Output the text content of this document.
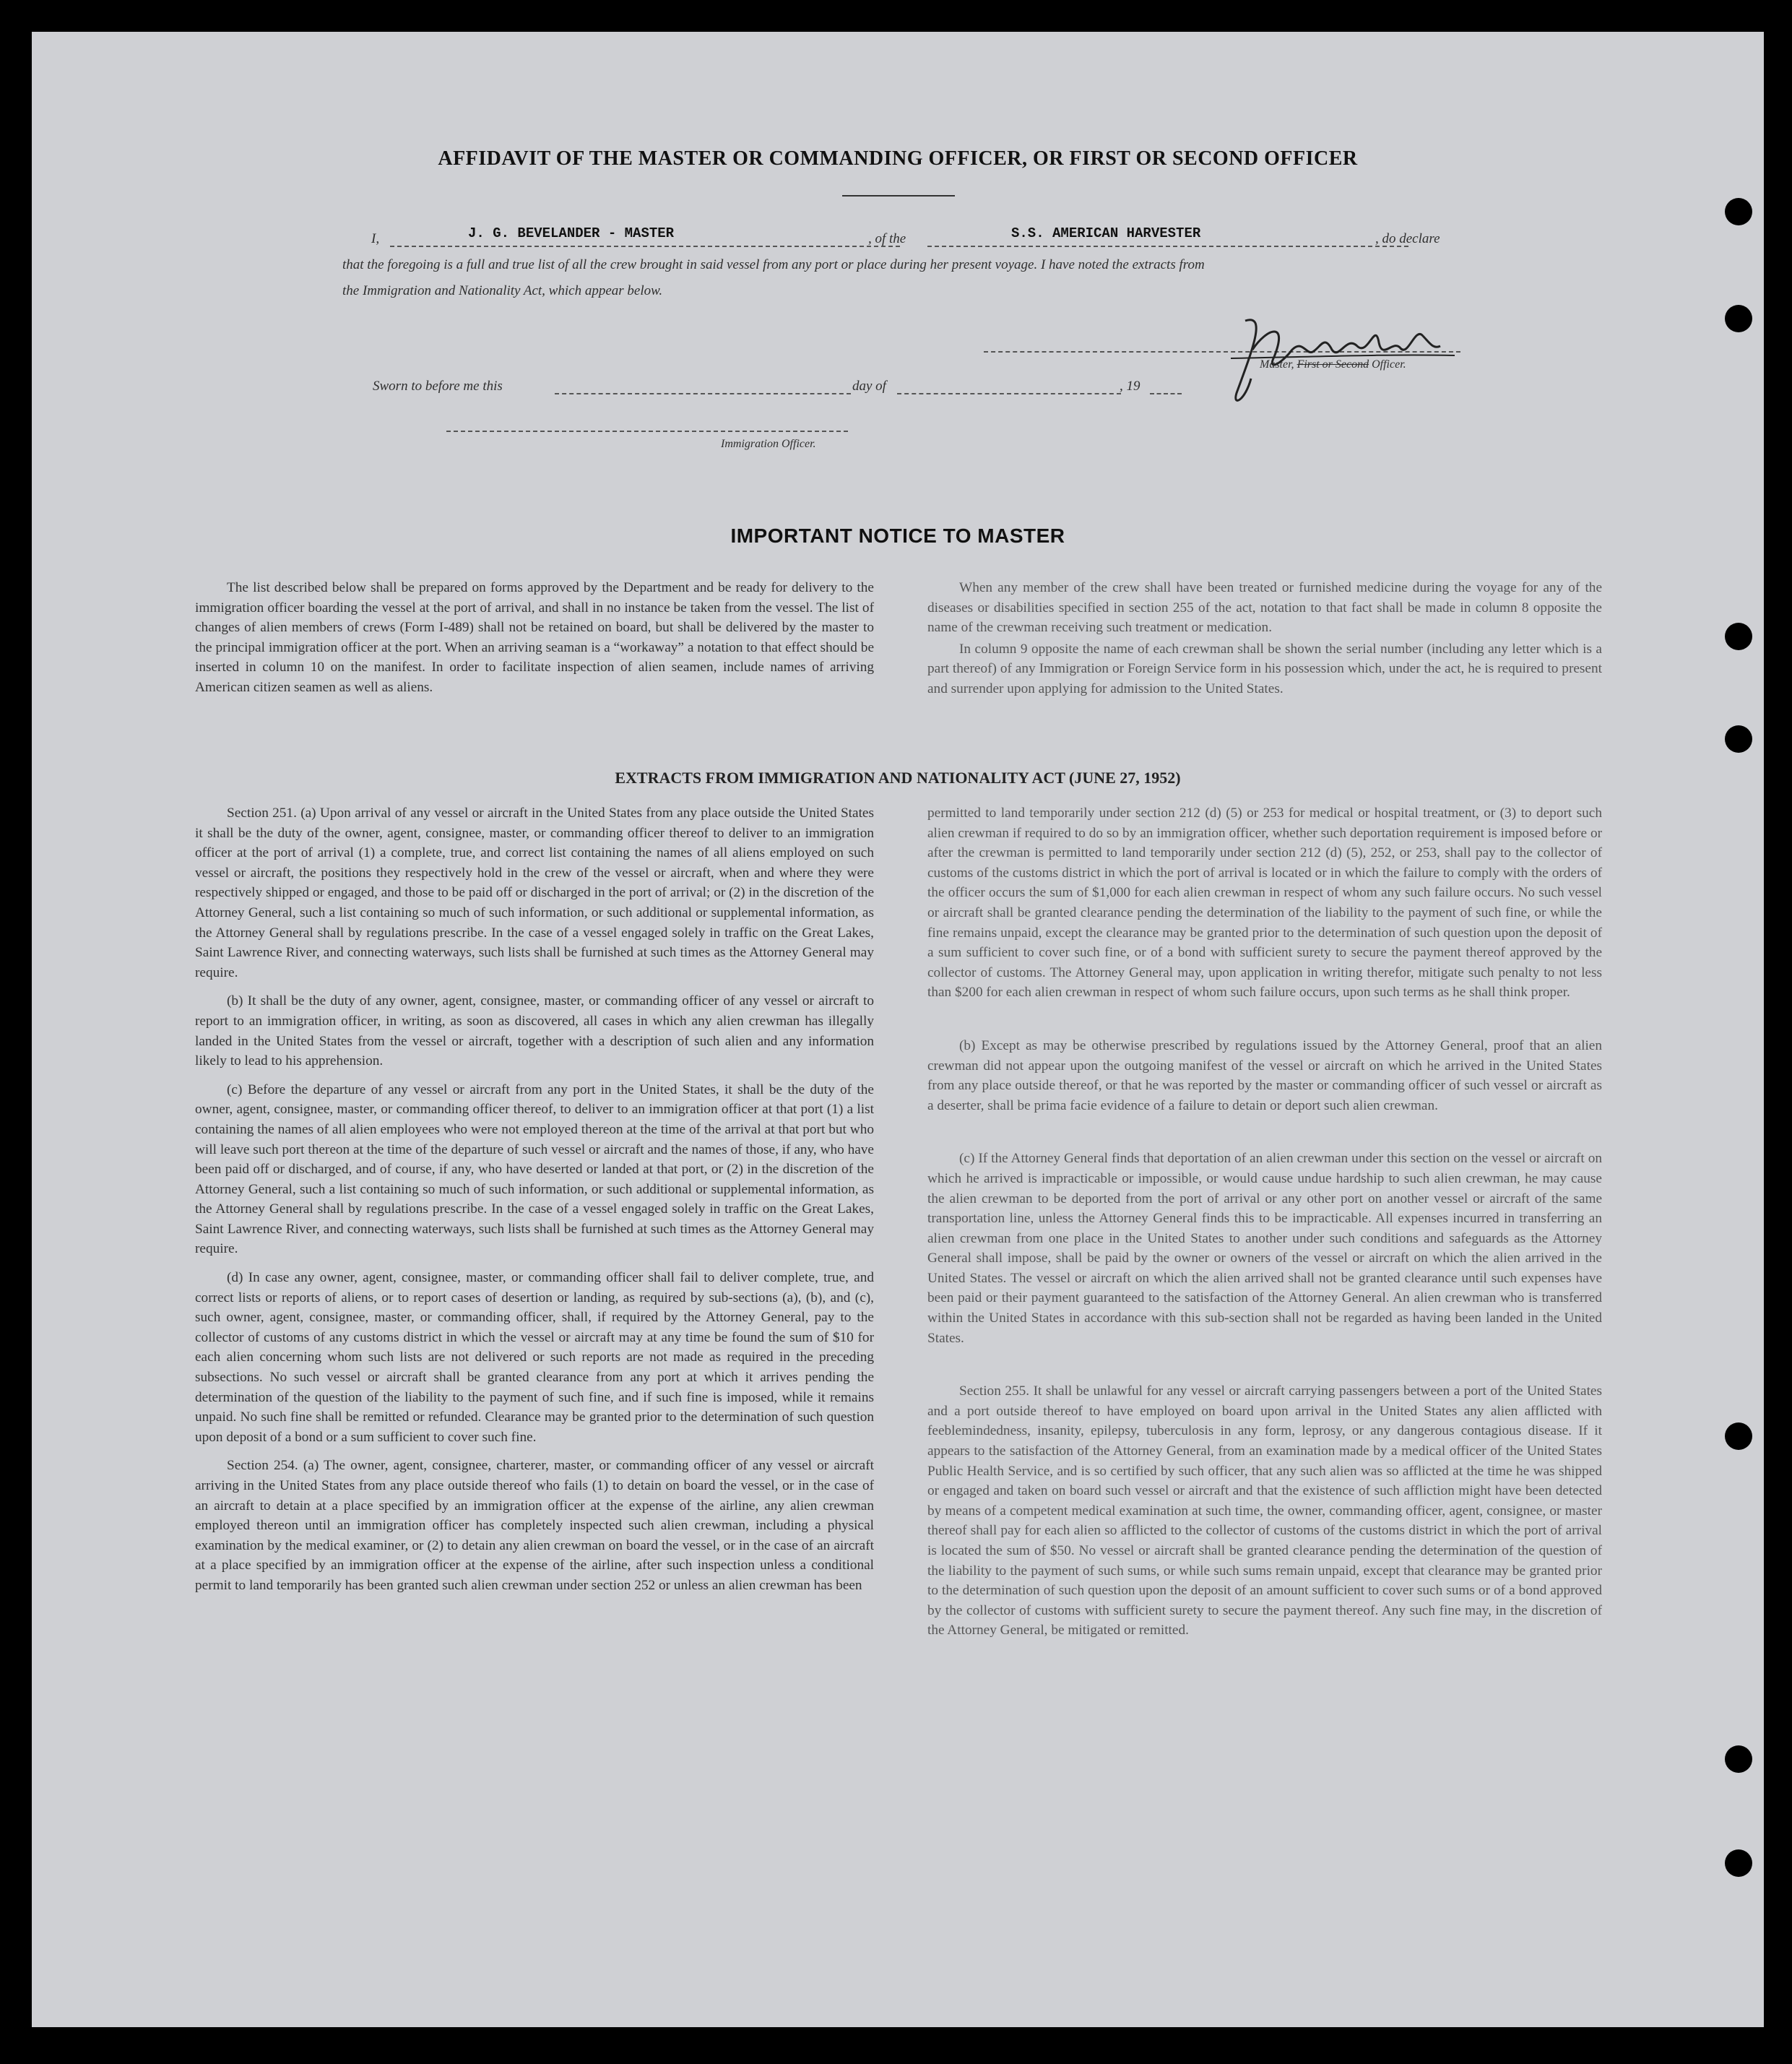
AFFIDAVIT OF THE MASTER OR COMMANDING OFFICER, OR FIRST OR SECOND OFFICER
I,	J. G. BEVELANDER - MASTER	, of the	S.S. AMERICAN HARVESTER	, do declare
that the foregoing is a full and true list of all the crew brought in said vessel from any port or place during her present voyage. I have noted the extracts from
the Immigration and Nationality Act, which appear below.
Master, First or Second Officer.
Sworn to before me this	day of	, 19
Immigration Officer.
IMPORTANT NOTICE TO MASTER

The list described below shall be prepared on forms approved by the Department and be ready for delivery to the immigration officer boarding the vessel at the port of arrival, and shall in no instance be taken from the vessel. The list of changes of alien members of crews (Form I-489) shall not be retained on board, but shall be delivered by the master to the principal immigration officer at the port. When an arriving seaman is a “workaway” a notation to that effect should be inserted in column 10 on the manifest. In order to facilitate inspection of alien seamen, include names of arriving American citizen seamen as well as aliens.

When any member of the crew shall have been treated or furnished medicine during the voyage for any of the diseases or disabilities specified in section 255 of the act, notation to that fact shall be made in column 8 opposite the name of the crewman receiving such treatment or medication.

In column 9 opposite the name of each crewman shall be shown the serial number (including any letter which is a part thereof) of any Immigration or Foreign Service form in his possession which, under the act, he is required to present and surrender upon applying for admission to the United States.

EXTRACTS FROM IMMIGRATION AND NATIONALITY ACT (JUNE 27, 1952)

Section 251. (a) Upon arrival of any vessel or aircraft in the United States from any place outside the United States it shall be the duty of the owner, agent, consignee, master, or commanding officer thereof to deliver to an immigration officer at the port of arrival (1) a complete, true, and correct list containing the names of all aliens employed on such vessel or aircraft, the positions they respectively hold in the crew of the vessel or aircraft, when and where they were respectively shipped or engaged, and those to be paid off or discharged in the port of arrival; or (2) in the discretion of the Attorney General, such a list containing so much of such information, or such additional or supplemental information, as the Attorney General shall by regulations prescribe. In the case of a vessel engaged solely in traffic on the Great Lakes, Saint Lawrence River, and connecting waterways, such lists shall be furnished at such times as the Attorney General may require.

(b) It shall be the duty of any owner, agent, consignee, master, or commanding officer of any vessel or aircraft to report to an immigration officer, in writing, as soon as discovered, all cases in which any alien crewman has illegally landed in the United States from the vessel or aircraft, together with a description of such alien and any information likely to lead to his apprehension.

(c) Before the departure of any vessel or aircraft from any port in the United States, it shall be the duty of the owner, agent, consignee, master, or commanding officer thereof, to deliver to an immigration officer at that port (1) a list containing the names of all alien employees who were not employed thereon at the time of the arrival at that port but who will leave such port thereon at the time of the departure of such vessel or aircraft and the names of those, if any, who have been paid off or discharged, and of course, if any, who have deserted or landed at that port, or (2) in the discretion of the Attorney General, such a list containing so much of such information, or such additional or supplemental information, as the Attorney General shall by regulations prescribe. In the case of a vessel engaged solely in traffic on the Great Lakes, Saint Lawrence River, and connecting waterways, such lists shall be furnished at such times as the Attorney General may require.

(d) In case any owner, agent, consignee, master, or commanding officer shall fail to deliver complete, true, and correct lists or reports of aliens, or to report cases of desertion or landing, as required by sub-sections (a), (b), and (c), such owner, agent, consignee, master, or commanding officer, shall, if required by the Attorney General, pay to the collector of customs of any customs district in which the vessel or aircraft may at any time be found the sum of $10 for each alien concerning whom such lists are not delivered or such reports are not made as required in the preceding subsections. No such vessel or aircraft shall be granted clearance from any port at which it arrives pending the determination of the question of the liability to the payment of such fine, and if such fine is imposed, while it remains unpaid. No such fine shall be remitted or refunded. Clearance may be granted prior to the determination of such question upon deposit of a bond or a sum sufficient to cover such fine.

Section 254. (a) The owner, agent, consignee, charterer, master, or commanding officer of any vessel or aircraft arriving in the United States from any place outside thereof who fails (1) to detain on board the vessel, or in the case of an aircraft to detain at a place specified by an immigration officer at the expense of the airline, any alien crewman employed thereon until an immigration officer has completely inspected such alien crewman, including a physical examination by the medical examiner, or (2) to detain any alien crewman on board the vessel, or in the case of an aircraft at a place specified by an immigration officer at the expense of the airline, after such inspection unless a conditional permit to land temporarily has been granted such alien crewman under section 252 or unless an alien crewman has been

permitted to land temporarily under section 212 (d) (5) or 253 for medical or hospital treatment, or (3) to deport such alien crewman if required to do so by an immigration officer, whether such deportation requirement is imposed before or after the crewman is permitted to land temporarily under section 212 (d) (5), 252, or 253, shall pay to the collector of customs of the customs district in which the port of arrival is located or in which the failure to comply with the orders of the officer occurs the sum of $1,000 for each alien crewman in respect of whom any such failure occurs. No such vessel or aircraft shall be granted clearance pending the determination of the liability to the payment of such fine, or while the fine remains unpaid, except the clearance may be granted prior to the determination of such question upon the deposit of a sum sufficient to cover such fine, or of a bond with sufficient surety to secure the payment thereof approved by the collector of customs. The Attorney General may, upon application in writing therefor, mitigate such penalty to not less than $200 for each alien crewman in respect of whom such failure occurs, upon such terms as he shall think proper.

(b) Except as may be otherwise prescribed by regulations issued by the Attorney General, proof that an alien crewman did not appear upon the outgoing manifest of the vessel or aircraft on which he arrived in the United States from any place outside thereof, or that he was reported by the master or commanding officer of such vessel or aircraft as a deserter, shall be prima facie evidence of a failure to detain or deport such alien crewman.

(c) If the Attorney General finds that deportation of an alien crewman under this section on the vessel or aircraft on which he arrived is impracticable or impossible, or would cause undue hardship to such alien crewman, he may cause the alien crewman to be deported from the port of arrival or any other port on another vessel or aircraft of the same transportation line, unless the Attorney General finds this to be impracticable. All expenses incurred in transferring an alien crewman from one place in the United States to another under such conditions and safeguards as the Attorney General shall impose, shall be paid by the owner or owners of the vessel or aircraft on which the alien arrived in the United States. The vessel or aircraft on which the alien arrived shall not be granted clearance until such expenses have been paid or their payment guaranteed to the satisfaction of the Attorney General. An alien crewman who is transferred within the United States in accordance with this sub-section shall not be regarded as having been landed in the United States.

Section 255. It shall be unlawful for any vessel or aircraft carrying passengers between a port of the United States and a port outside thereof to have employed on board upon arrival in the United States any alien afflicted with feeblemindedness, insanity, epilepsy, tuberculosis in any form, leprosy, or any dangerous contagious disease. If it appears to the satisfaction of the Attorney General, from an examination made by a medical officer of the United States Public Health Service, and is so certified by such officer, that any such alien was so afflicted at the time he was shipped or engaged and taken on board such vessel or aircraft and that the existence of such affliction might have been detected by means of a competent medical examination at such time, the owner, commanding officer, agent, consignee, or master thereof shall pay for each alien so afflicted to the collector of customs of the customs district in which the port of arrival is located the sum of $50. No vessel or aircraft shall be granted clearance pending the determination of the question of the liability to the payment of such sums, or while such sums remain unpaid, except that clearance may be granted prior to the determination of such question upon the deposit of an amount sufficient to cover such sums or of a bond approved by the collector of customs with sufficient surety to secure the payment thereof. Any such fine may, in the discretion of the Attorney General, be mitigated or remitted.
